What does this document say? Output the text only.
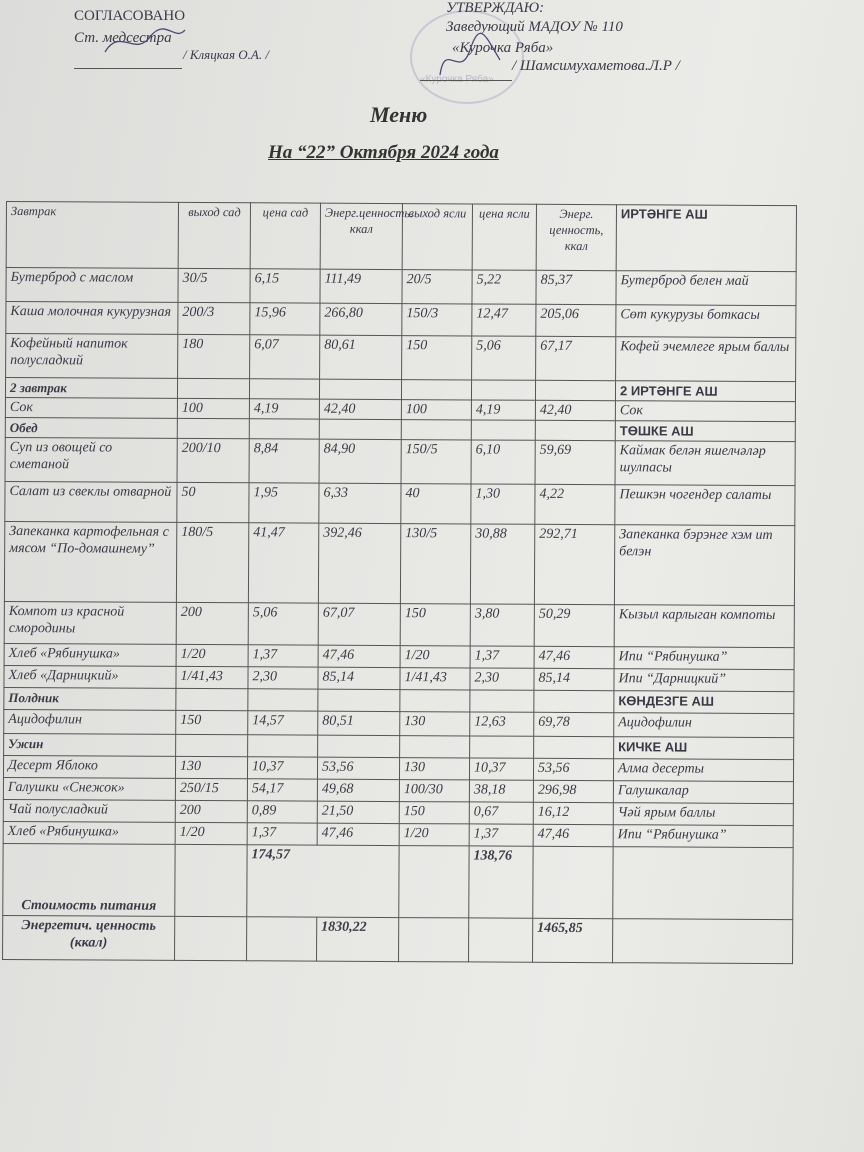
СОГЛАСОВАНО
Ст. медсестра
/ Кляцкая О.А. /
УТВЕРЖДАЮ:
Заведующий МАДОУ № 110
«Курочка Ряба»
/ Шамсимухаметова.Л.Р /
Меню
На “22” Октября 2024 года
Завтрак	выход сад	цена сад	Энерг.ценность. ккал	выход ясли	цена ясли	Энерг. ценность, ккал	ИРТӘНГЕ АШ
Бутерброд с маслом	30/5	6,15	111,49	20/5	5,22	85,37	Бутерброд белен май
Каша молочная кукурузная	200/3	15,96	266,80	150/3	12,47	205,06	Сөт кукурузы боткасы
Кофейный напиток полусладкий	180	6,07	80,61	150	5,06	67,17	Кофей эчемлеге ярым баллы
2 завтрак							2 ИРТӘНГЕ АШ
Сок	100	4,19	42,40	100	4,19	42,40	Сок
Обед							ТӨШКЕ АШ
Суп из овощей со сметаной	200/10	8,84	84,90	150/5	6,10	59,69	Каймак белән яшелчәләр шулпасы
Салат из свеклы отварной	50	1,95	6,33	40	1,30	4,22	Пешкэн чогендер салаты
Запеканка картофельная с мясом “По-домашнему”	180/5	41,47	392,46	130/5	30,88	292,71	Запеканка бэрэнге хэм ит белэн
Компот из красной смородины	200	5,06	67,07	150	3,80	50,29	Кызыл карлыган компоты
Хлеб «Рябинушка»	1/20	1,37	47,46	1/20	1,37	47,46	Ипи “Рябинушка”
Хлеб «Дарницкий»	1/41,43	2,30	85,14	1/41,43	2,30	85,14	Ипи “Дарницкий”
Полдник							КӨНДЕЗГЕ АШ
Ацидофилин	150	14,57	80,51	130	12,63	69,78	Ацидофилин
Ужин							КИЧКЕ АШ
Десерт Яблоко	130	10,37	53,56	130	10,37	53,56	Алма десерты
Галушки «Снежок»	250/15	54,17	49,68	100/30	38,18	296,98	Галушкалар
Чай полусладкий	200	0,89	21,50	150	0,67	16,12	Чәй ярым баллы
Хлеб «Рябинушка»	1/20	1,37	47,46	1/20	1,37	47,46	Ипи “Рябинушка”
Стоимость питания		174,57			138,76		
Энергетич. ценность (ккал)			1830,22			1465,85	
